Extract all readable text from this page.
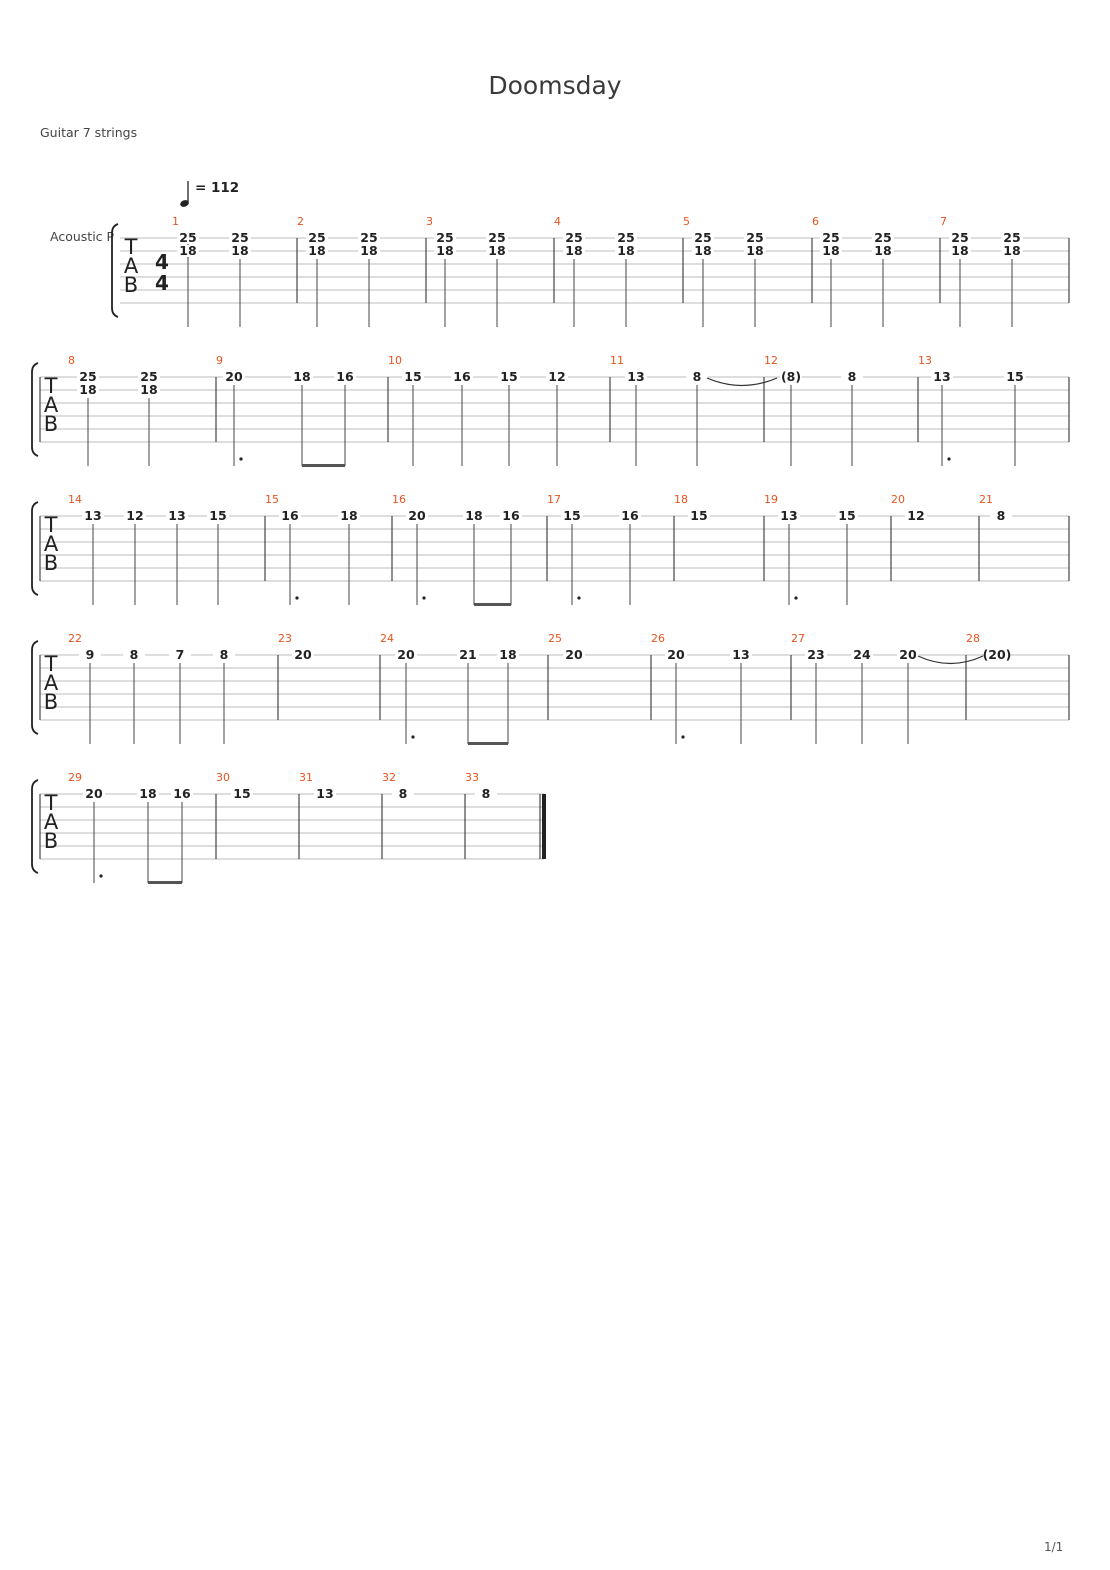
Doomsday
Guitar 7 strings
= 112
Acoustic P T
A
B
4
4
1
25
18
25
18
2
25
18
25
18
3
25
18
25
18
4
25
18
25
18
5
25
18
25
18
6
25
18
25
18
7
25
18
25
18
T
A
B
8
25
18
25
18
9
20	18 16
10
15	16 15 12
11
13	8
12
(8)	8
13
13	15
T
A
B
14
13 12 13 15
15
16	18
16
20	18 16
17
15	16
18
15
19
13	15
20
12
21
8
T
A
B
22
9	8	7	8
23
20
24
20	21 18
25
20
26
20	13
27
23 24 20
28
(20)
T
A
B
29
20	18 16
30
15
31
13
32
8
33
8
1/1
